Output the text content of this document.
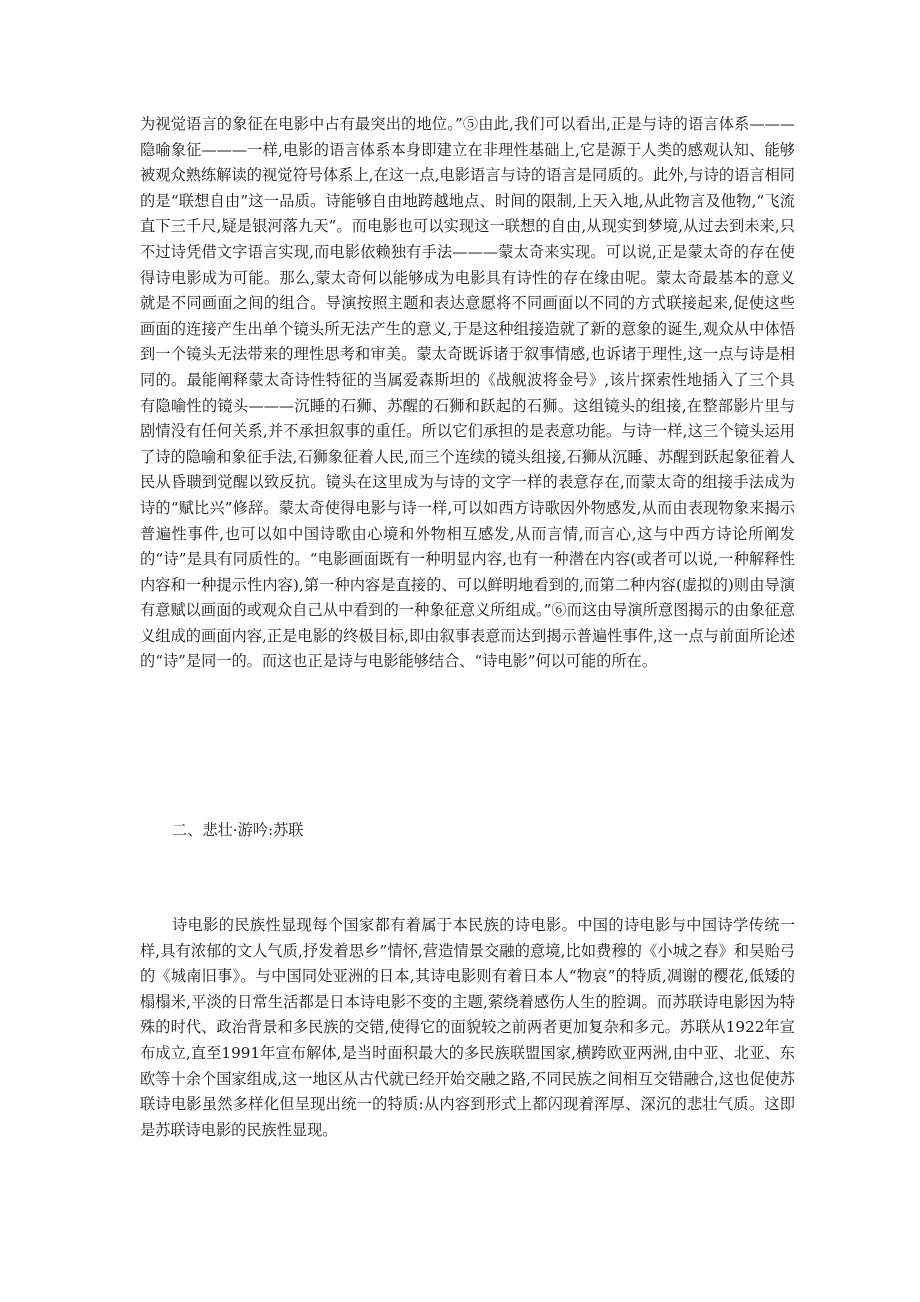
为视觉语言的象征在电影中占有最突出的地位。”⑤由此,我们可以看出,正是与诗的语言体系———隐喻象征———一样,电影的语言体系本身即建立在非理性基础上,它是源于人类的感观认知、能够被观众熟练解读的视觉符号体系上,在这一点,电影语言与诗的语言是同质的。此外,与诗的语言相同的是“联想自由”这一品质。诗能够自由地跨越地点、时间的限制,上天入地,从此物言及他物,“飞流直下三千尺,疑是银河落九天”。而电影也可以实现这一联想的自由,从现实到梦境,从过去到未来,只不过诗凭借文字语言实现,而电影依赖独有手法———蒙太奇来实现。可以说,正是蒙太奇的存在使得诗电影成为可能。那么,蒙太奇何以能够成为电影具有诗性的存在缘由呢。蒙太奇最基本的意义就是不同画面之间的组合。导演按照主题和表达意愿将不同画面以不同的方式联接起来,促使这些画面的连接产生出单个镜头所无法产生的意义,于是这种组接造就了新的意象的诞生,观众从中体悟到一个镜头无法带来的理性思考和审美。蒙太奇既诉诸于叙事情感,也诉诸于理性,这一点与诗是相同的。最能阐释蒙太奇诗性特征的当属爱森斯坦的《战舰波将金号》,该片探索性地插入了三个具有隐喻性的镜头———沉睡的石狮、苏醒的石狮和跃起的石狮。这组镜头的组接,在整部影片里与剧情没有任何关系,并不承担叙事的重任。所以它们承担的是表意功能。与诗一样,这三个镜头运用了诗的隐喻和象征手法,石狮象征着人民,而三个连续的镜头组接,石狮从沉睡、苏醒到跃起象征着人民从昏聩到觉醒以致反抗。镜头在这里成为与诗的文字一样的表意存在,而蒙太奇的组接手法成为诗的“赋比兴”修辞。蒙太奇使得电影与诗一样,可以如西方诗歌因外物感发,从而由表现物象来揭示普遍性事件,也可以如中国诗歌由心境和外物相互感发,从而言情,而言心,这与中西方诗论所阐发的“诗”是具有同质性的。“电影画面既有一种明显内容,也有一种潜在内容(或者可以说,一种解释性内容和一种提示性内容),第一种内容是直接的、可以鲜明地看到的,而第二种内容(虚拟的)则由导演有意赋以画面的或观众自己从中看到的一种象征意义所组成。”⑥而这由导演所意图揭示的由象征意义组成的画面内容,正是电影的终极目标,即由叙事表意而达到揭示普遍性事件,这一点与前面所论述的“诗”是同一的。而这也正是诗与电影能够结合、“诗电影”何以可能的所在。

二、悲壮·游吟:苏联

诗电影的民族性显现每个国家都有着属于本民族的诗电影。中国的诗电影与中国诗学传统一样,具有浓郁的文人气质,抒发着思乡”情怀,营造情景交融的意境,比如费穆的《小城之春》和吴贻弓的《城南旧事》。与中国同处亚洲的日本,其诗电影则有着日本人“物哀”的特质,凋谢的樱花,低矮的榻榻米,平淡的日常生活都是日本诗电影不变的主题,萦绕着感伤人生的腔调。而苏联诗电影因为特殊的时代、政治背景和多民族的交错,使得它的面貌较之前两者更加复杂和多元。苏联从1922年宣布成立,直至1991年宣布解体,是当时面积最大的多民族联盟国家,横跨欧亚两洲,由中亚、北亚、东欧等十余个国家组成,这一地区从古代就已经开始交融之路,不同民族之间相互交错融合,这也促使苏联诗电影虽然多样化但呈现出统一的特质:从内容到形式上都闪现着浑厚、深沉的悲壮气质。这即是苏联诗电影的民族性显现。
